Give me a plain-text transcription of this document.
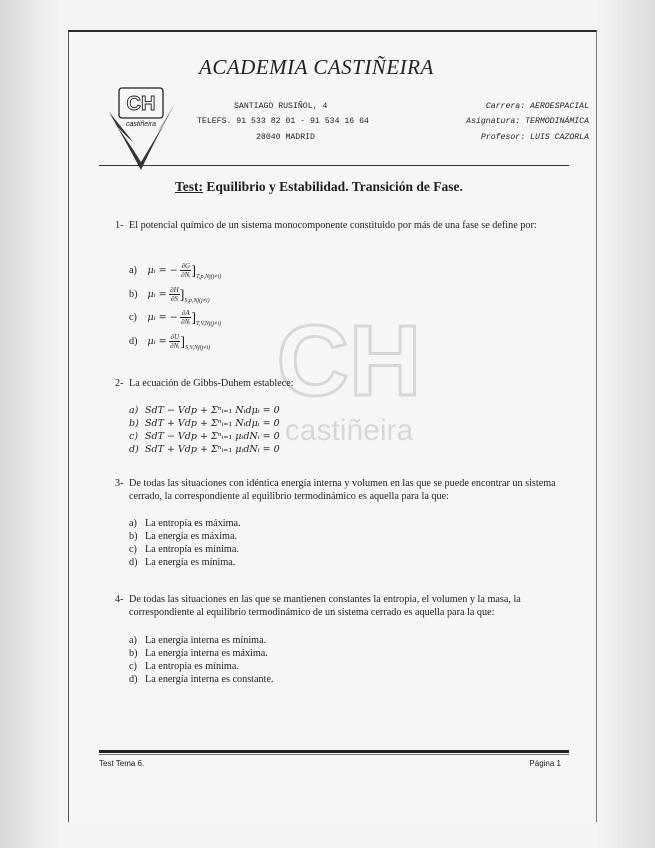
ACADEMIA CASTIÑEIRA
CH
castiñeira
SANTIAGO RUSIÑOL, 4
TELEFS. 91 533 82 01 - 91 534 16 64
28040 MADRID
Carrera: AEROESPACIAL
Asignatura: TERMODINÁMICA
Profesor: LUIS CAZORLA
Test: Equilibrio y Estabilidad. Transición de Fase.
CH
castiñeira
1- El potencial químico de un sistema monocomponente constituido por más de una fase se define por:
a) μᵢ = − $\frac{\partial G}{\text{∂Nᵢ}} ]_{T,p,Nj(j\ne i)}$
b) μᵢ = $\frac{\partial H}{\partial S} ]_{S,p,Nj(j\ne i)}$
c) μᵢ = − $\frac{\partial A}{\text{∂Nᵢ}} ]_{T,V,Nj(j\ne i)}$
d) μᵢ = $\frac{\partial U}{\text{∂Nᵢ}} ]_{S,V,Nj(j\ne i)}$
2- La ecuación de Gibbs-Duhem establece:
a) SdT − Vdp + Σⁿᵢ₌₁ Nᵢdμᵢ = 0
b) SdT + Vdp + Σⁿᵢ₌₁ Nᵢdμᵢ = 0
c) SdT − Vdp + Σⁿᵢ₌₁ μᵢdNᵢ = 0
d) SdT + Vdp + Σⁿᵢ₌₁ μᵢdNᵢ = 0
3- De todas las situaciones con idéntica energía interna y volumen en las que se puede encontrar un sistema cerrado, la correspondiente al equilibrio termodinámico es aquella para la que:
a) La entropía es máxima.
b) La energía es máxima.
c) La entropía es mínima.
d) La energía es mínima.
4- De todas las situaciones en las que se mantienen constantes la entropía, el volumen y la masa, la correspondiente al equilibrio termodinámico de un sistema cerrado es aquella para la que:
a) La energía interna es mínima.
b) La energía interna es máxima.
c) La entropía es mínima.
d) La energía interna es constante.
Test Tema 6.	Página 1
